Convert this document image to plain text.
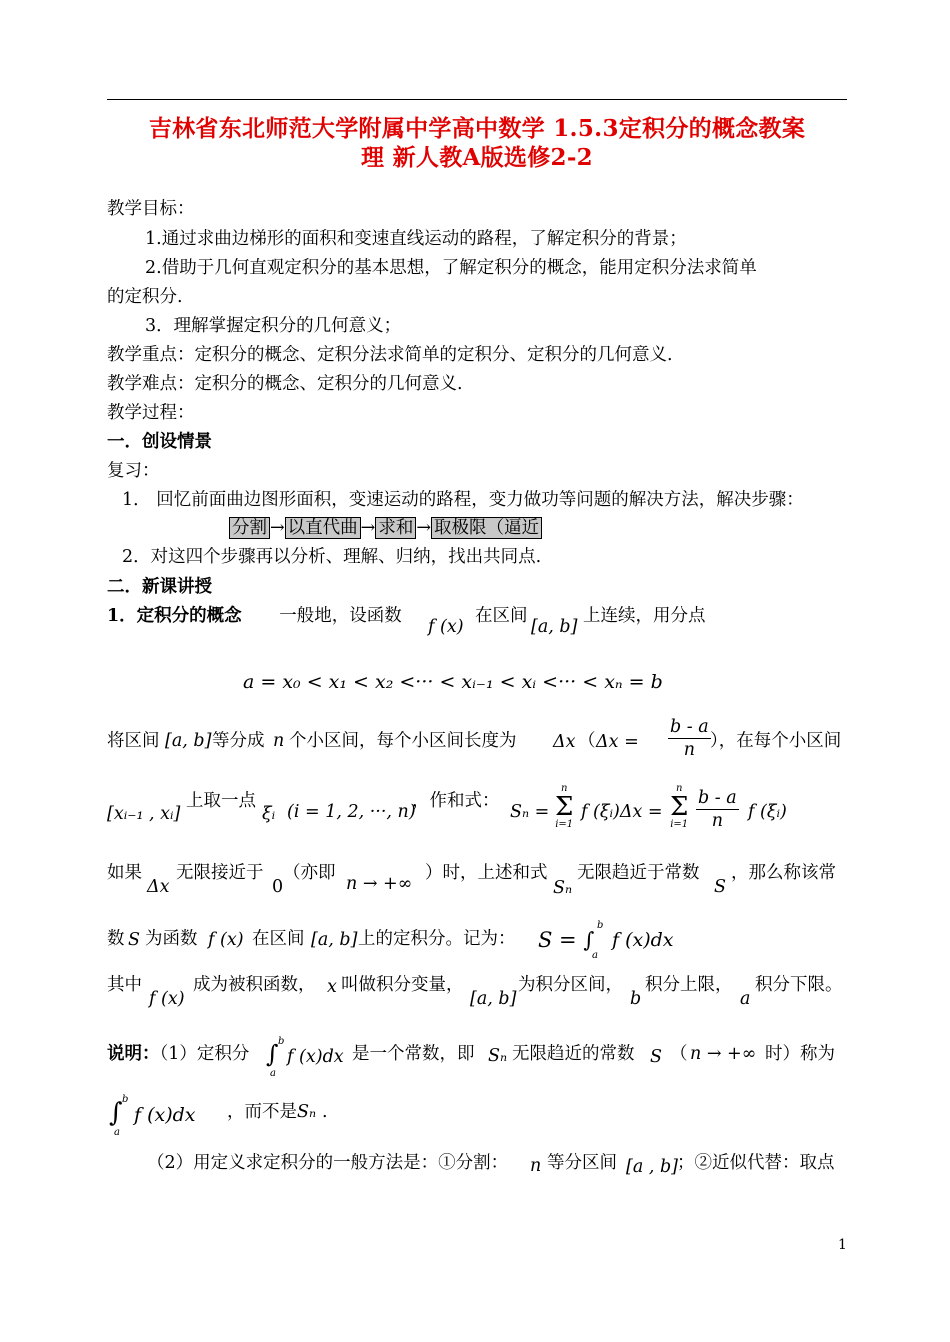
吉林省东北师范大学附属中学高中数学 1.5.3定积分的概念教案
理 新人教A版选修2-2
教学目标：
1.通过求曲边梯形的面积和变速直线运动的路程，了解定积分的背景；
2.借助于几何直观定积分的基本思想，了解定积分的概念，能用定积分法求简单
的定积分.
3．理解掌握定积分的几何意义；
教学重点：定积分的概念、定积分法求简单的定积分、定积分的几何意义.
教学难点：定积分的概念、定积分的几何意义.
教学过程：
一．创设情景
复习：
1． 回忆前面曲边图形面积，变速运动的路程，变力做功等问题的解决方法，解决步骤：
分割 → 以直代曲 → 求和 → 取极限（逼近
2．对这四个步骤再以分析、理解、归纳，找出共同点.
二．新课讲授
1．定积分的概念 一般地，设函数
f (x)
在区间
[a, b]
上连续，用分点
a = x₀ < x₁ < x₂ <··· < xᵢ₋₁ < xᵢ <··· < xₙ = b
将区间 [a, b] 等分成 n 个小区间，每个小区间长度为 Δx （ $\Delta x = \frac{b - a}{n}$ ），在每个小区间
[xᵢ₋₁ , xᵢ]
上取一点
ξᵢ (i = 1, 2, ···, n)
，作和式：
Sₙ =
n
Σ
i=1
f (ξᵢ)Δx =
n
Σ
$i=1 \frac{b - a}{n}$ f (ξᵢ)
如果
Δx
无限接近于
0
（亦即
n → +∞
）时，上述和式
Sₙ
无限趋近于常数
S
，那么称该常
数 S 为函数 f (x) 在区间 [a, b] 上的定积分。记为： S = ∫
b
a
f (x)dx
其中
f (x)
成为被积函数， x 叫做积分变量，
[a, b]
为积分区间，
b
积分上限，
a
积分下限。
说明：（1）定积分 ∫ b
a
f (x)dx 是一个常数，即 Sₙ 无限趋近的常数 S （ n → +∞ 时）称为
∫ b
a
f (x)dx ，而不是 Sₙ .
（2）用定义求定积分的一般方法是：①分割： n 等分区间 [a , b] ；②近似代替：取点
1
